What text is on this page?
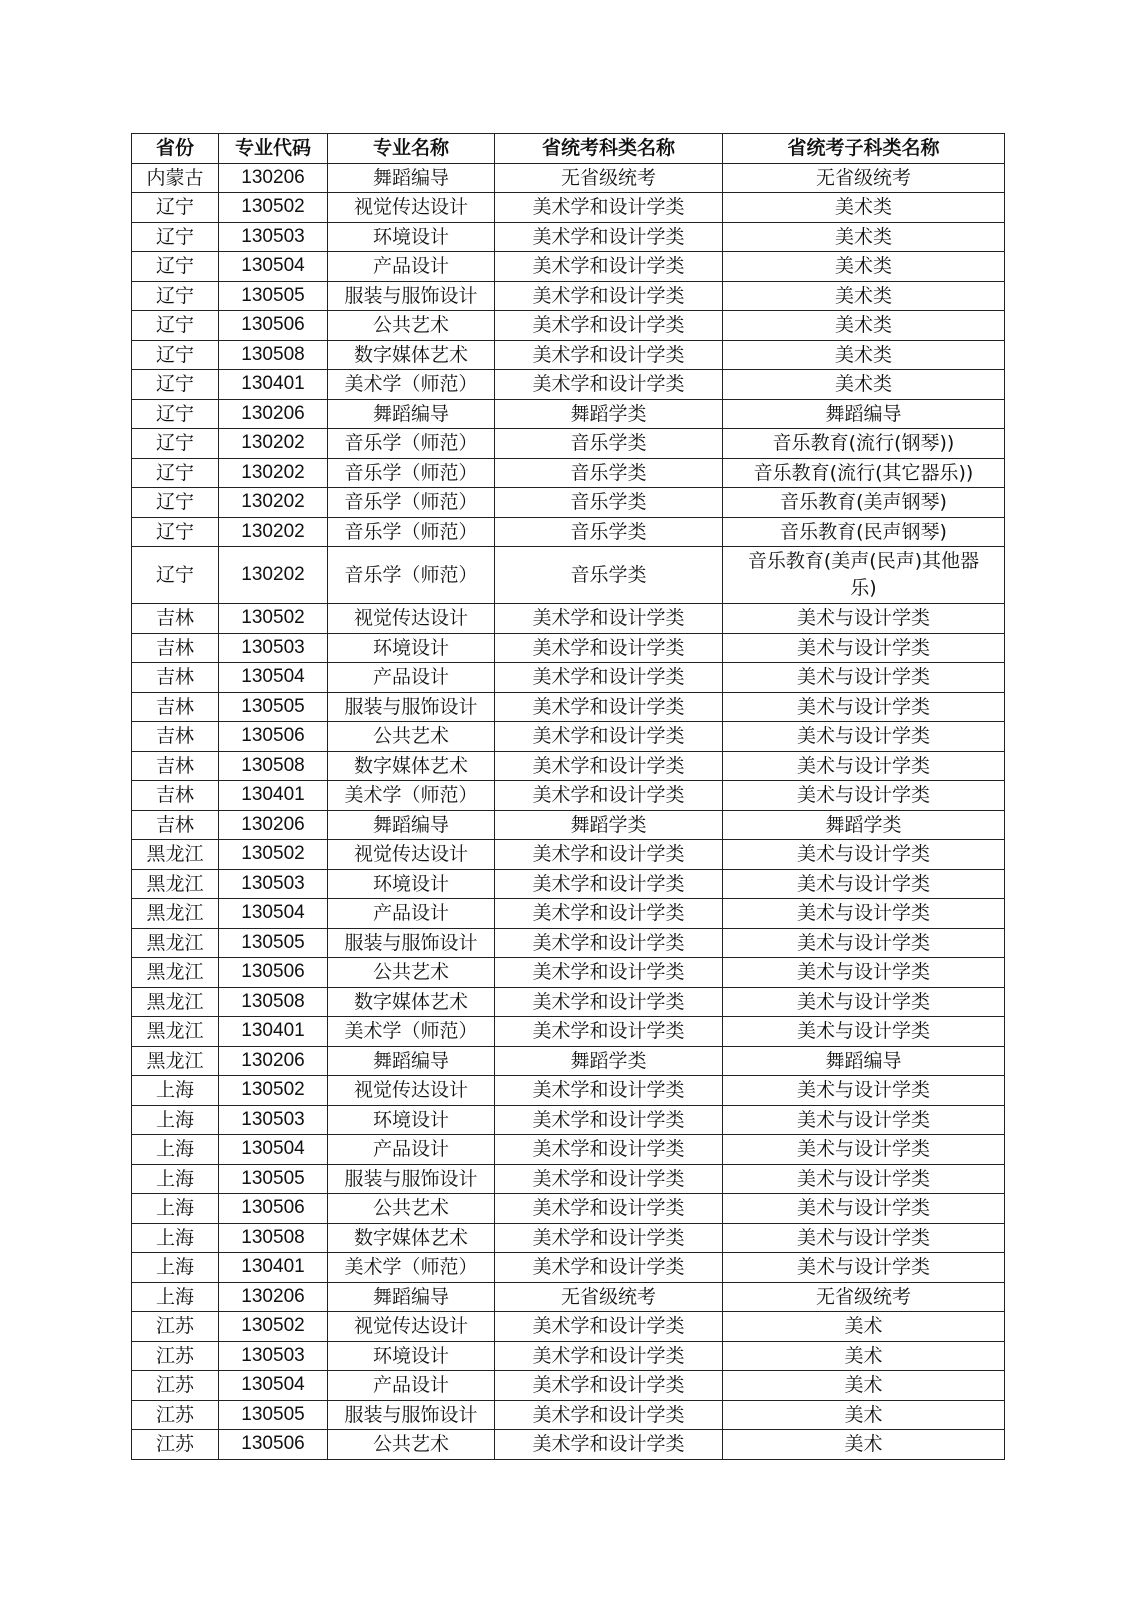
省份	专业代码	专业名称	省统考科类名称	省统考子科类名称
内蒙古	130206	舞蹈编导	无省级统考	无省级统考
辽宁	130502	视觉传达设计	美术学和设计学类	美术类
辽宁	130503	环境设计	美术学和设计学类	美术类
辽宁	130504	产品设计	美术学和设计学类	美术类
辽宁	130505	服装与服饰设计	美术学和设计学类	美术类
辽宁	130506	公共艺术	美术学和设计学类	美术类
辽宁	130508	数字媒体艺术	美术学和设计学类	美术类
辽宁	130401	美术学（师范）	美术学和设计学类	美术类
辽宁	130206	舞蹈编导	舞蹈学类	舞蹈编导
辽宁	130202	音乐学（师范）	音乐学类	音乐教育(流行(钢琴))
辽宁	130202	音乐学（师范）	音乐学类	音乐教育(流行(其它器乐))
辽宁	130202	音乐学（师范）	音乐学类	音乐教育(美声钢琴)
辽宁	130202	音乐学（师范）	音乐学类	音乐教育(民声钢琴)
辽宁	130202	音乐学（师范）	音乐学类	音乐教育(美声(民声)其他器乐)
吉林	130502	视觉传达设计	美术学和设计学类	美术与设计学类
吉林	130503	环境设计	美术学和设计学类	美术与设计学类
吉林	130504	产品设计	美术学和设计学类	美术与设计学类
吉林	130505	服装与服饰设计	美术学和设计学类	美术与设计学类
吉林	130506	公共艺术	美术学和设计学类	美术与设计学类
吉林	130508	数字媒体艺术	美术学和设计学类	美术与设计学类
吉林	130401	美术学（师范）	美术学和设计学类	美术与设计学类
吉林	130206	舞蹈编导	舞蹈学类	舞蹈学类
黑龙江	130502	视觉传达设计	美术学和设计学类	美术与设计学类
黑龙江	130503	环境设计	美术学和设计学类	美术与设计学类
黑龙江	130504	产品设计	美术学和设计学类	美术与设计学类
黑龙江	130505	服装与服饰设计	美术学和设计学类	美术与设计学类
黑龙江	130506	公共艺术	美术学和设计学类	美术与设计学类
黑龙江	130508	数字媒体艺术	美术学和设计学类	美术与设计学类
黑龙江	130401	美术学（师范）	美术学和设计学类	美术与设计学类
黑龙江	130206	舞蹈编导	舞蹈学类	舞蹈编导
上海	130502	视觉传达设计	美术学和设计学类	美术与设计学类
上海	130503	环境设计	美术学和设计学类	美术与设计学类
上海	130504	产品设计	美术学和设计学类	美术与设计学类
上海	130505	服装与服饰设计	美术学和设计学类	美术与设计学类
上海	130506	公共艺术	美术学和设计学类	美术与设计学类
上海	130508	数字媒体艺术	美术学和设计学类	美术与设计学类
上海	130401	美术学（师范）	美术学和设计学类	美术与设计学类
上海	130206	舞蹈编导	无省级统考	无省级统考
江苏	130502	视觉传达设计	美术学和设计学类	美术
江苏	130503	环境设计	美术学和设计学类	美术
江苏	130504	产品设计	美术学和设计学类	美术
江苏	130505	服装与服饰设计	美术学和设计学类	美术
江苏	130506	公共艺术	美术学和设计学类	美术
